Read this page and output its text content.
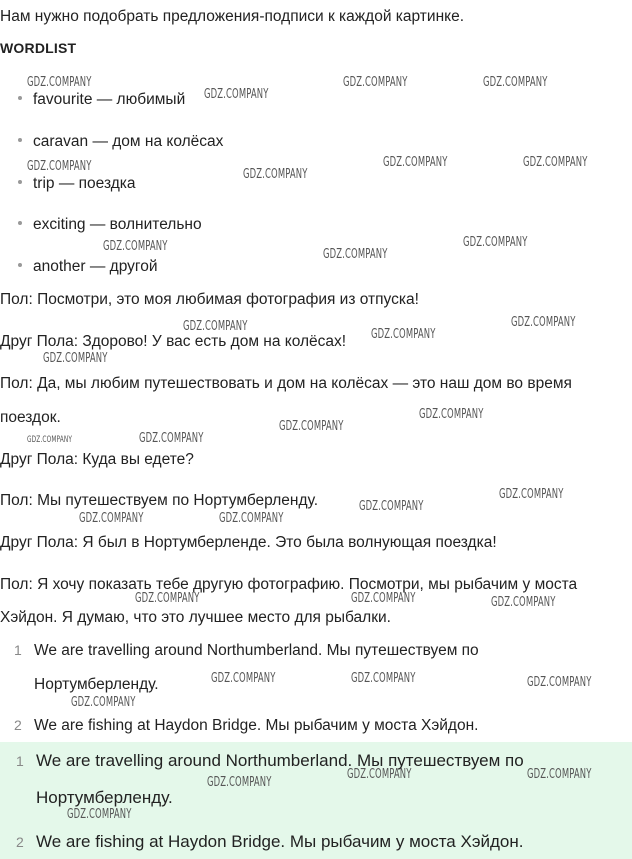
Нам нужно подобрать предложения-подписи к каждой картинке.
WORDLIST
favourite — любимый
caravan — дом на колёсах
trip — поездка
exciting — волнительно
another — другой
Пол: Посмотри, это моя любимая фотография из отпуска!
Друг Пола: Здорово! У вас есть дом на колёсах!
Пол: Да, мы любим путешествовать и дом на колёсах — это наш дом во время
поездок.
Друг Пола: Куда вы едете?
Пол: Мы путешествуем по Нортумберленду.
Друг Пола: Я был в Нортумберленде. Это была волнующая поездка!
Пол: Я хочу показать тебе другую фотографию. Посмотри, мы рыбачим у моста
Хэйдон. Я думаю, что это лучшее место для рыбалки.
1 We are travelling around Northumberland. Мы путешествуем по
Нортумберленду.
2 We are fishing at Haydon Bridge. Мы рыбачим у моста Хэйдон.
1 We are travelling around Northumberland. Мы путешествуем по
Нортумберленду.
2 We are fishing at Haydon Bridge. Мы рыбачим у моста Хэйдон.
GDZ.COMPANY
GDZ.COMPANY
GDZ.COMPANY	GDZ.COMPANY
GDZ.COMPANY	GDZ.COMPANY	GDZ.COMPANY
GDZ.COMPANY
GDZ.COMPANY	GDZ.COMPANY
GDZ.COMPANY
GDZ.COMPANY	GDZ.COMPANY
GDZ.COMPANY
GDZ.COMPANY
GDZ.COMPANY
GDZ.COMPANY
GDZ.COMPANY	GDZ.COMPANY
GDZ.COMPANY
GDZ.COMPANY
GDZ.COMPANY	GDZ.COMPANY
GDZ.COMPANY	GDZ.COMPANY	GDZ.COMPANY
GDZ.COMPANY	GDZ.COMPANY	GDZ.COMPANY
GDZ.COMPANY
GDZ.COMPANY	GDZ.COMPANY
GDZ.COMPANY
GDZ.COMPANY
